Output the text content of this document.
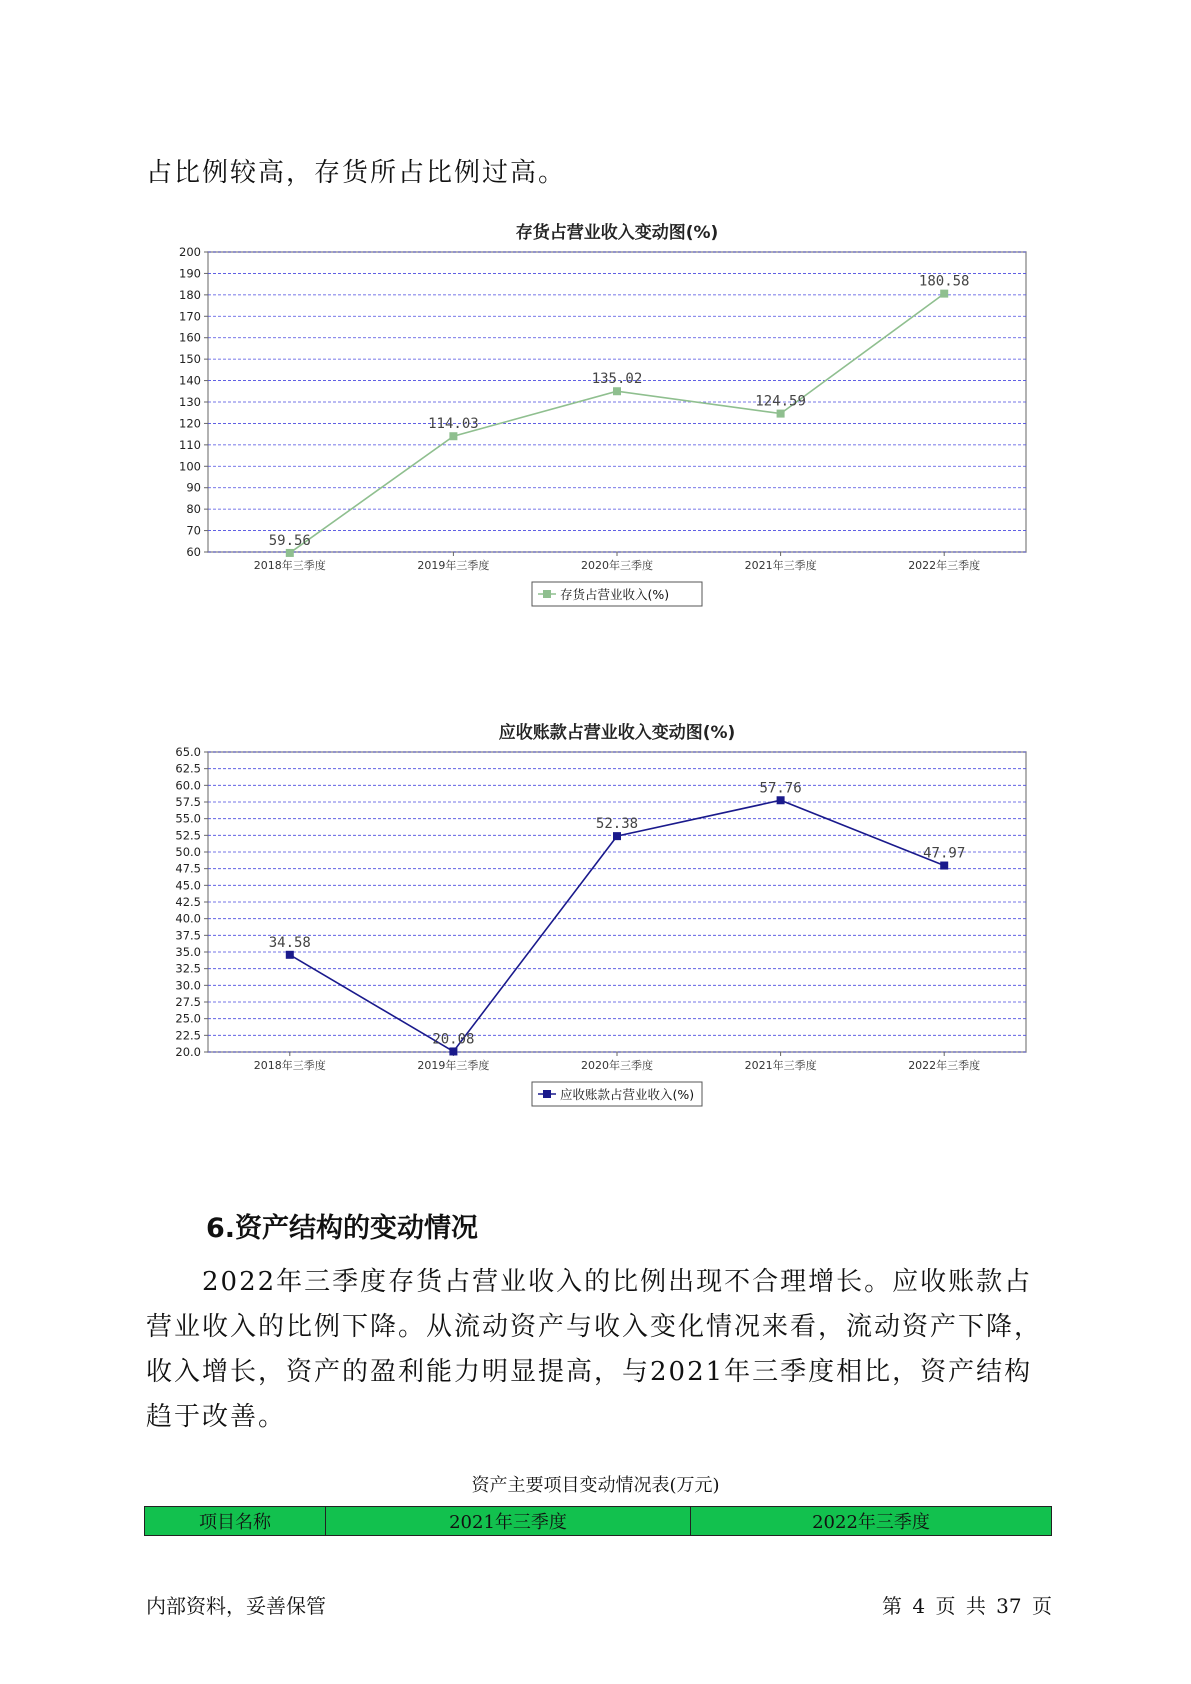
占比例较高，存货所占比例过高。

存货占营业收入变动图(%)
60
70
80
90
100
110
120
130
140
150
160
170
180
190
200
2018年三季度	2019年三季度	2020年三季度	2021年三季度	2022年三季度
59.56
114.03
135.02
124.59
180.58
存货占营业收入(%)
应收账款占营业收入变动图(%)
20.0
22.5
25.0
27.5
30.0
32.5
35.0
37.5
40.0
42.5
45.0
47.5
50.0
52.5
55.0
57.5
60.0
62.5
65.0
2018年三季度	2019年三季度	2020年三季度	2021年三季度	2022年三季度
34.58
20.08
52.38
57.76
47.97
应收账款占营业收入(%)
6.资产结构的变动情况

2022年三季度存货占营业收入的比例出现不合理增长。应收账款占营业收入的比例下降。从流动资产与收入变化情况来看，流动资产下降，收入增长，资产的盈利能力明显提高，与2021年三季度相比，资产结构趋于改善。

资产主要项目变动情况表(万元)
项目名称	2021年三季度	2022年三季度
内部资料，妥善保管	第 4 页 共 37 页
